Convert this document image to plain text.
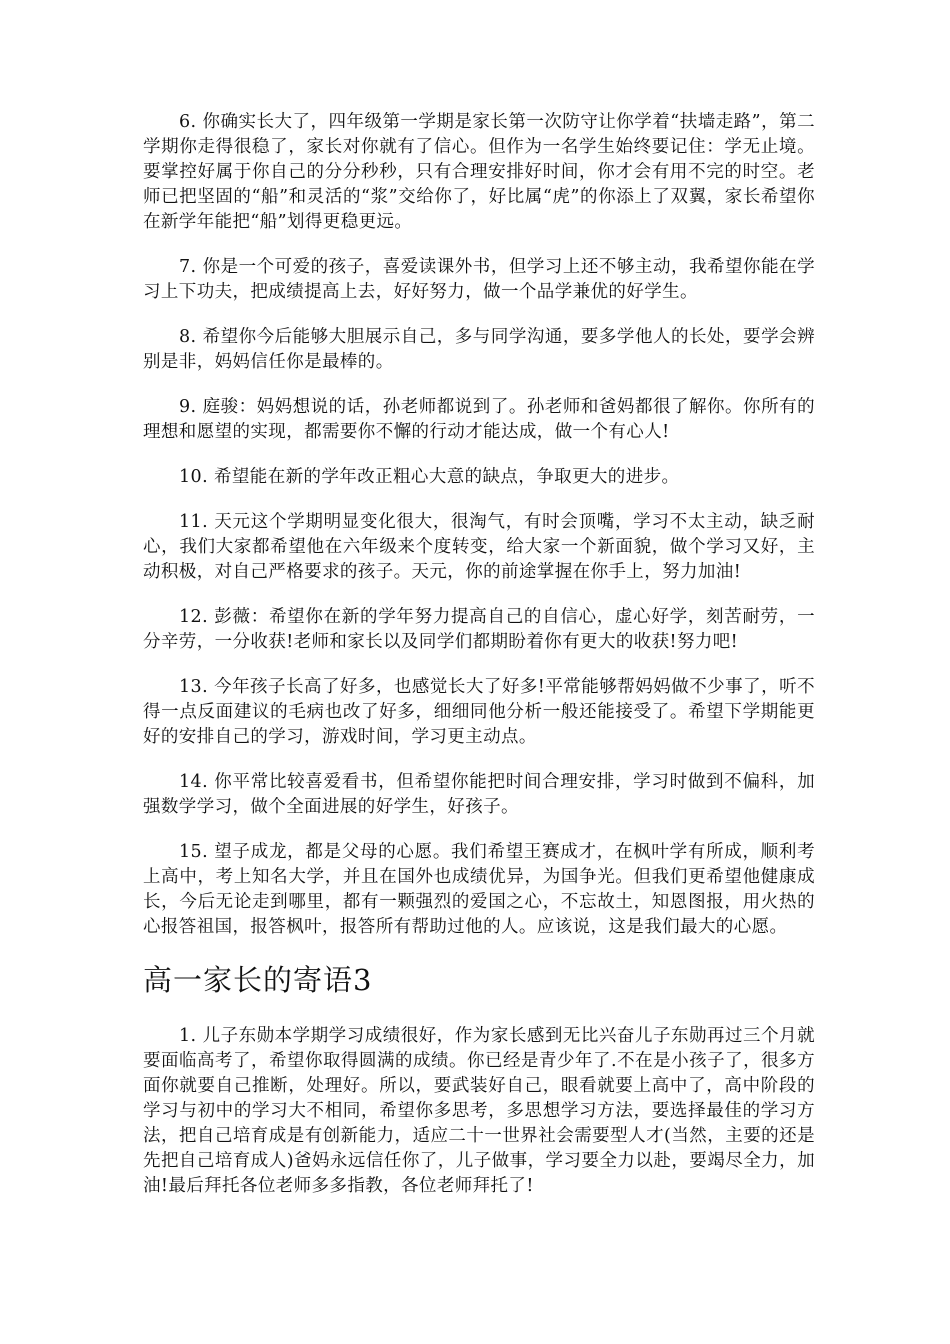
6. 你确实长大了，四年级第一学期是家长第一次防守让你学着“扶墙走路”，第二学期你走得很稳了，家长对你就有了信心。但作为一名学生始终要记住：学无止境。要掌控好属于你自己的分分秒秒，只有合理安排好时间，你才会有用不完的时空。老师已把坚固的“船”和灵活的“浆”交给你了，好比属“虎”的你添上了双翼，家长希望你在新学年能把“船”划得更稳更远。

7. 你是一个可爱的孩子，喜爱读课外书，但学习上还不够主动，我希望你能在学习上下功夫，把成绩提高上去，好好努力，做一个品学兼优的好学生。

8. 希望你今后能够大胆展示自己，多与同学沟通，要多学他人的长处，要学会辨别是非，妈妈信任你是最棒的。

9. 庭骏：妈妈想说的话，孙老师都说到了。孙老师和爸妈都很了解你。你所有的理想和愿望的实现，都需要你不懈的行动才能达成，做一个有心人!

10. 希望能在新的学年改正粗心大意的缺点，争取更大的进步。

11. 天元这个学期明显变化很大，很淘气，有时会顶嘴，学习不太主动，缺乏耐心，我们大家都希望他在六年级来个度转变，给大家一个新面貌，做个学习又好，主动积极，对自己严格要求的孩子。天元，你的前途掌握在你手上，努力加油!

12. 彭薇：希望你在新的学年努力提高自己的自信心，虚心好学，刻苦耐劳，一分辛劳，一分收获!老师和家长以及同学们都期盼着你有更大的收获!努力吧!

13. 今年孩子长高了好多，也感觉长大了好多!平常能够帮妈妈做不少事了，听不得一点反面建议的毛病也改了好多，细细同他分析一般还能接受了。希望下学期能更好的安排自己的学习，游戏时间，学习更主动点。

14. 你平常比较喜爱看书，但希望你能把时间合理安排，学习时做到不偏科，加强数学学习，做个全面进展的好学生，好孩子。

15. 望子成龙，都是父母的心愿。我们希望王赛成才，在枫叶学有所成，顺利考上高中，考上知名大学，并且在国外也成绩优异，为国争光。但我们更希望他健康成长，今后无论走到哪里，都有一颗强烈的爱国之心，不忘故土，知恩图报，用火热的心报答祖国，报答枫叶，报答所有帮助过他的人。应该说，这是我们最大的心愿。

高一家长的寄语3

1. 儿子东勋本学期学习成绩很好，作为家长感到无比兴奋儿子东勋再过三个月就要面临高考了，希望你取得圆满的成绩。你已经是青少年了.不在是小孩子了，很多方面你就要自己推断，处理好。所以，要武装好自己，眼看就要上高中了，高中阶段的学习与初中的学习大不相同，希望你多思考，多思想学习方法，要选择最佳的学习方法，把自己培育成是有创新能力，适应二十一世界社会需要型人才(当然，主要的还是先把自己培育成人)爸妈永远信任你了，儿子做事，学习要全力以赴，要竭尽全力，加油!最后拜托各位老师多多指教，各位老师拜托了!
